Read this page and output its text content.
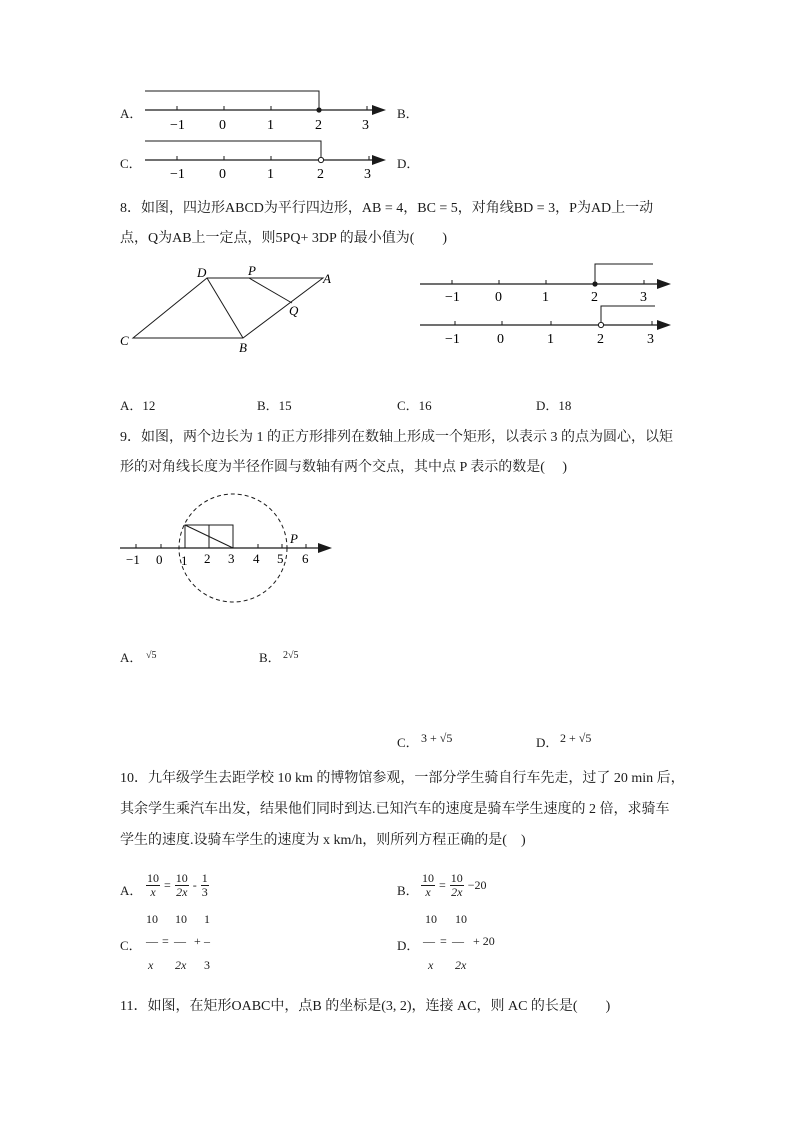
A．	B．
C．	D．
−1 0	1	2	3
−1 0	1	2	3
8．如图，四边形ABCD为平行四边形，AB = 4，BC = 5，对角线BD = 3，P为AD上一动
点，Q为AB上一定点，则5PQ+ 3DP 的最小值为(　　)
D	P
A
Q
C	B
−1	0	1	2	3
−1	0	1	2	3
A．12	B．15	C．16	D．18
9．如图，两个边长为 1 的正方形排列在数轴上形成一个矩形，以表示 3 的点为圆心，以矩
形的对角线长度为半径作圆与数轴有两个交点，其中点 P 表示的数是(　 )
−1 0 1 2 3 4 5 6
P
A． √5	B． 2√5
C． 3 + √5	D． 2 + √5
10．九年级学生去距学校 10 km 的博物馆参观，一部分学生骑自行车先走，过了 20 min 后，
其余学生乘汽车出发，结果他们同时到达.已知汽车的速度是骑车学生速度的 2 倍，求骑车
学生的速度.设骑车学生的速度为 x km/h，则所列方程正确的是(　)
A． $\frac{10}{x} = \frac{10}{2x} - \frac{1}{3}$	B． $\frac{10}{x} = \frac{10}{2x} -20$
10 10 1
C． — = — + –
x 2x 3
10 10
D． — = — + 20
x 2x
11．如图，在矩形OABC中，点B 的坐标是(3, 2)，连接 AC，则 AC 的长是(　　)
